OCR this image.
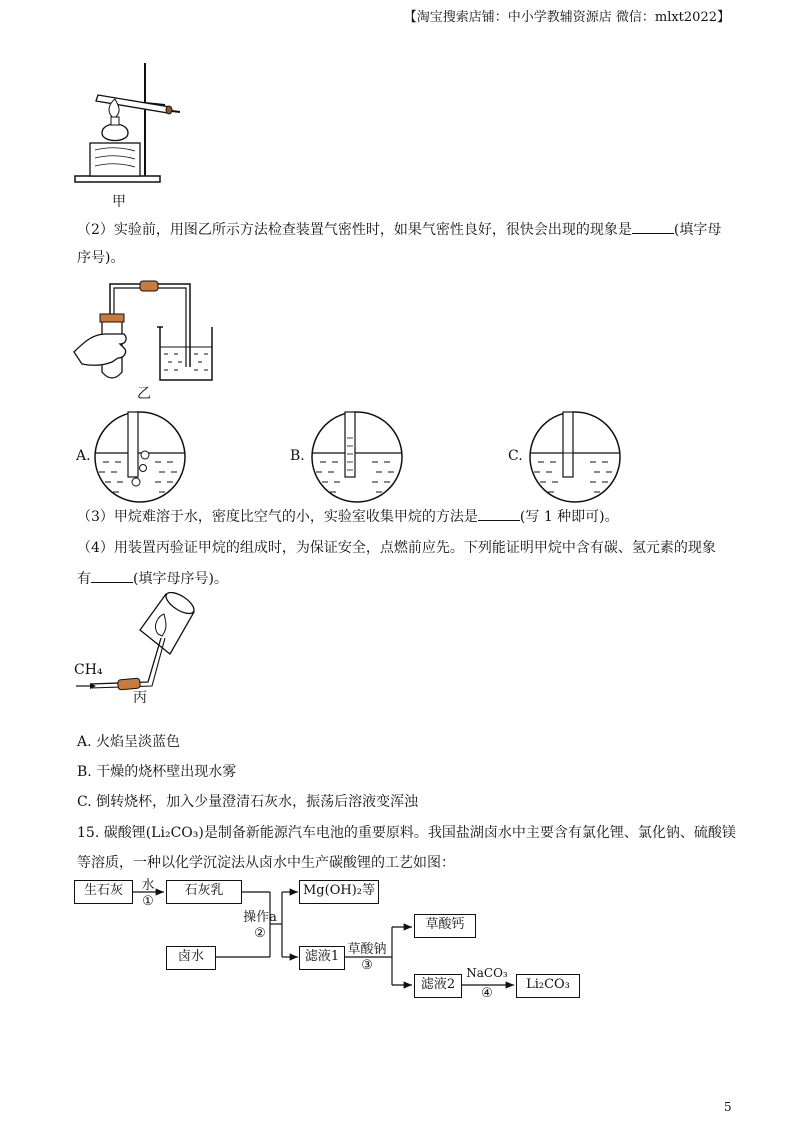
【淘宝搜索店铺：中小学教辅资源店 微信：mlxt2022】
甲
（2）实验前，用图乙所示方法检查装置气密性时，如果气密性良好，很快会出现的现象是	(填字母
序号)。
乙
A.	B.	C.
（3）甲烷难溶于水，密度比空气的小，实验室收集甲烷的方法是	(写 1 种即可)。
（4）用装置丙验证甲烷的组成时，为保证安全，点燃前应先。下列能证明甲烷中含有碳、氢元素的现象
有	(填字母序号)。
CH₄
丙
A. 火焰呈淡蓝色
B. 干燥的烧杯壁出现水雾
C. 倒转烧杯，加入少量澄清石灰水，振荡后溶液变浑浊
15. 碳酸锂(Li₂CO₃)是制备新能源汽车电池的重要原料。我国盐湖卤水中主要含有氯化锂、氯化钠、硫酸镁
等溶质，一种以化学沉淀法从卤水中生产碳酸锂的工艺如图：
生石灰	水
①
石灰乳	Mg(OH)₂等
操作a
②
卤水	滤液1 草酸钠
③
草酸钙
滤液2
NaCO₃
④
Li₂CO₃
5
